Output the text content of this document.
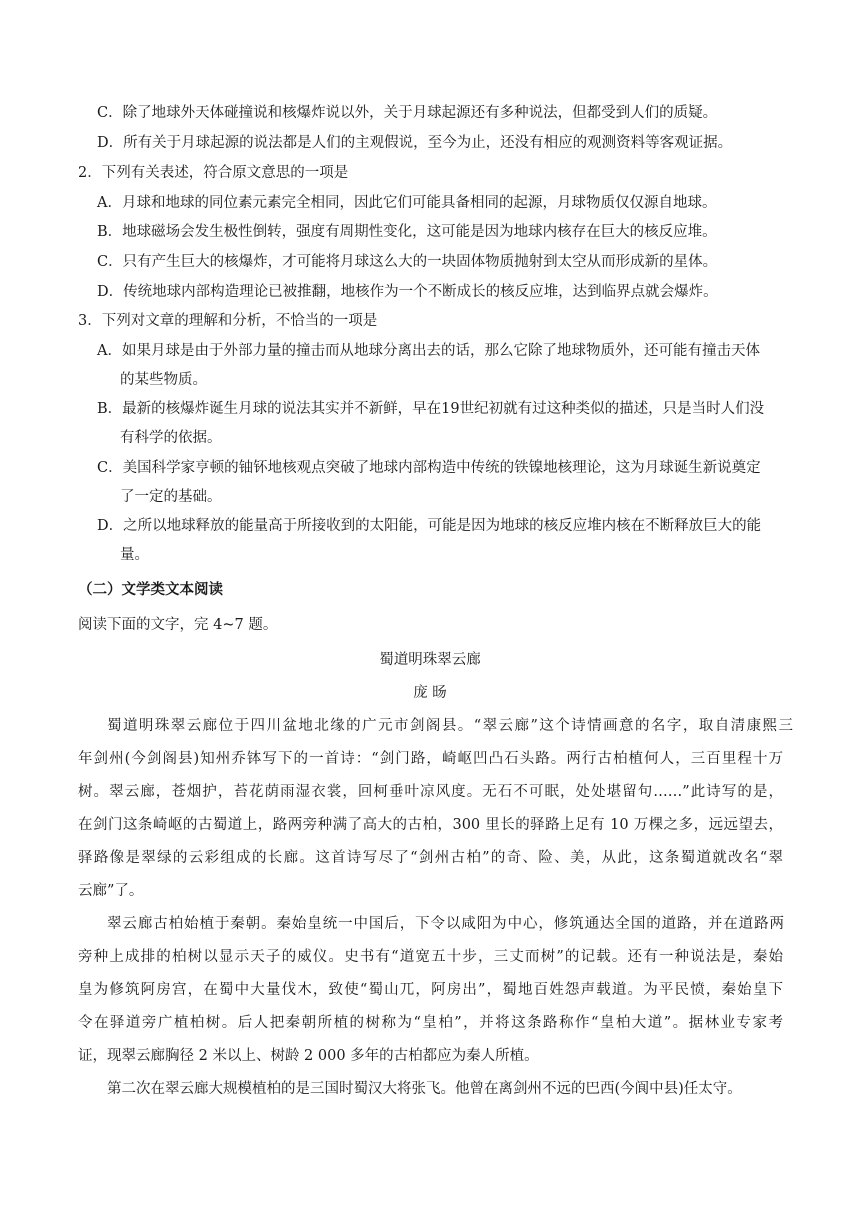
C．除了地球外天体碰撞说和核爆炸说以外，关于月球起源还有多种说法，但都受到人们的质疑。
D．所有关于月球起源的说法都是人们的主观假说，至今为止，还没有相应的观测资料等客观证据。
2．下列有关表述，符合原文意思的一项是
A．月球和地球的同位素元素完全相同，因此它们可能具备相同的起源，月球物质仅仅源自地球。
B．地球磁场会发生极性倒转，强度有周期性变化，这可能是因为地球内核存在巨大的核反应堆。
C．只有产生巨大的核爆炸，才可能将月球这么大的一块固体物质抛射到太空从而形成新的星体。
D．传统地球内部构造理论已被推翻，地核作为一个不断成长的核反应堆，达到临界点就会爆炸。
3．下列对文章的理解和分析，不恰当的一项是
A．如果月球是由于外部力量的撞击而从地球分离出去的话，那么它除了地球物质外，还可能有撞击天体
的某些物质。
B．最新的核爆炸诞生月球的说法其实并不新鲜，早在19世纪初就有过这种类似的描述，只是当时人们没
有科学的依据。
C．美国科学家亨顿的铀钚地核观点突破了地球内部构造中传统的铁镍地核理论，这为月球诞生新说奠定
了一定的基础。
D．之所以地球释放的能量高于所接收到的太阳能，可能是因为地球的核反应堆内核在不断释放巨大的能
量。
（二）文学类文本阅读
阅读下面的文字，完 4~7 题。
蜀道明珠翠云廊
庞 旸
蜀道明珠翠云廊位于四川盆地北缘的广元市剑阁县。“翠云廊”这个诗情画意的名字，取自清康熙三
年剑州(今剑阁县)知州乔钵写下的一首诗：“剑门路，崎岖凹凸石头路。两行古柏植何人，三百里程十万
树。翠云廊，苍烟护，苔花荫雨湿衣裳，回柯垂叶凉风度。无石不可眠，处处堪留句……”此诗写的是，
在剑门这条崎岖的古蜀道上，路两旁种满了高大的古柏，300 里长的驿路上足有 10 万棵之多，远远望去，
驿路像是翠绿的云彩组成的长廊。这首诗写尽了“剑州古柏”的奇、险、美，从此，这条蜀道就改名“翠
云廊”了。
翠云廊古柏始植于秦朝。秦始皇统一中国后，下令以咸阳为中心，修筑通达全国的道路，并在道路两
旁种上成排的柏树以显示天子的威仪。史书有“道宽五十步，三丈而树”的记载。还有一种说法是，秦始
皇为修筑阿房宫，在蜀中大量伐木，致使“蜀山兀，阿房出”，蜀地百姓怨声载道。为平民愤，秦始皇下
令在驿道旁广植柏树。后人把秦朝所植的树称为“皇柏”，并将这条路称作“皇柏大道”。据林业专家考
证，现翠云廊胸径 2 米以上、树龄 2 000 多年的古柏都应为秦人所植。
第二次在翠云廊大规模植柏的是三国时蜀汉大将张飞。他曾在离剑州不远的巴西(今阆中县)任太守。
